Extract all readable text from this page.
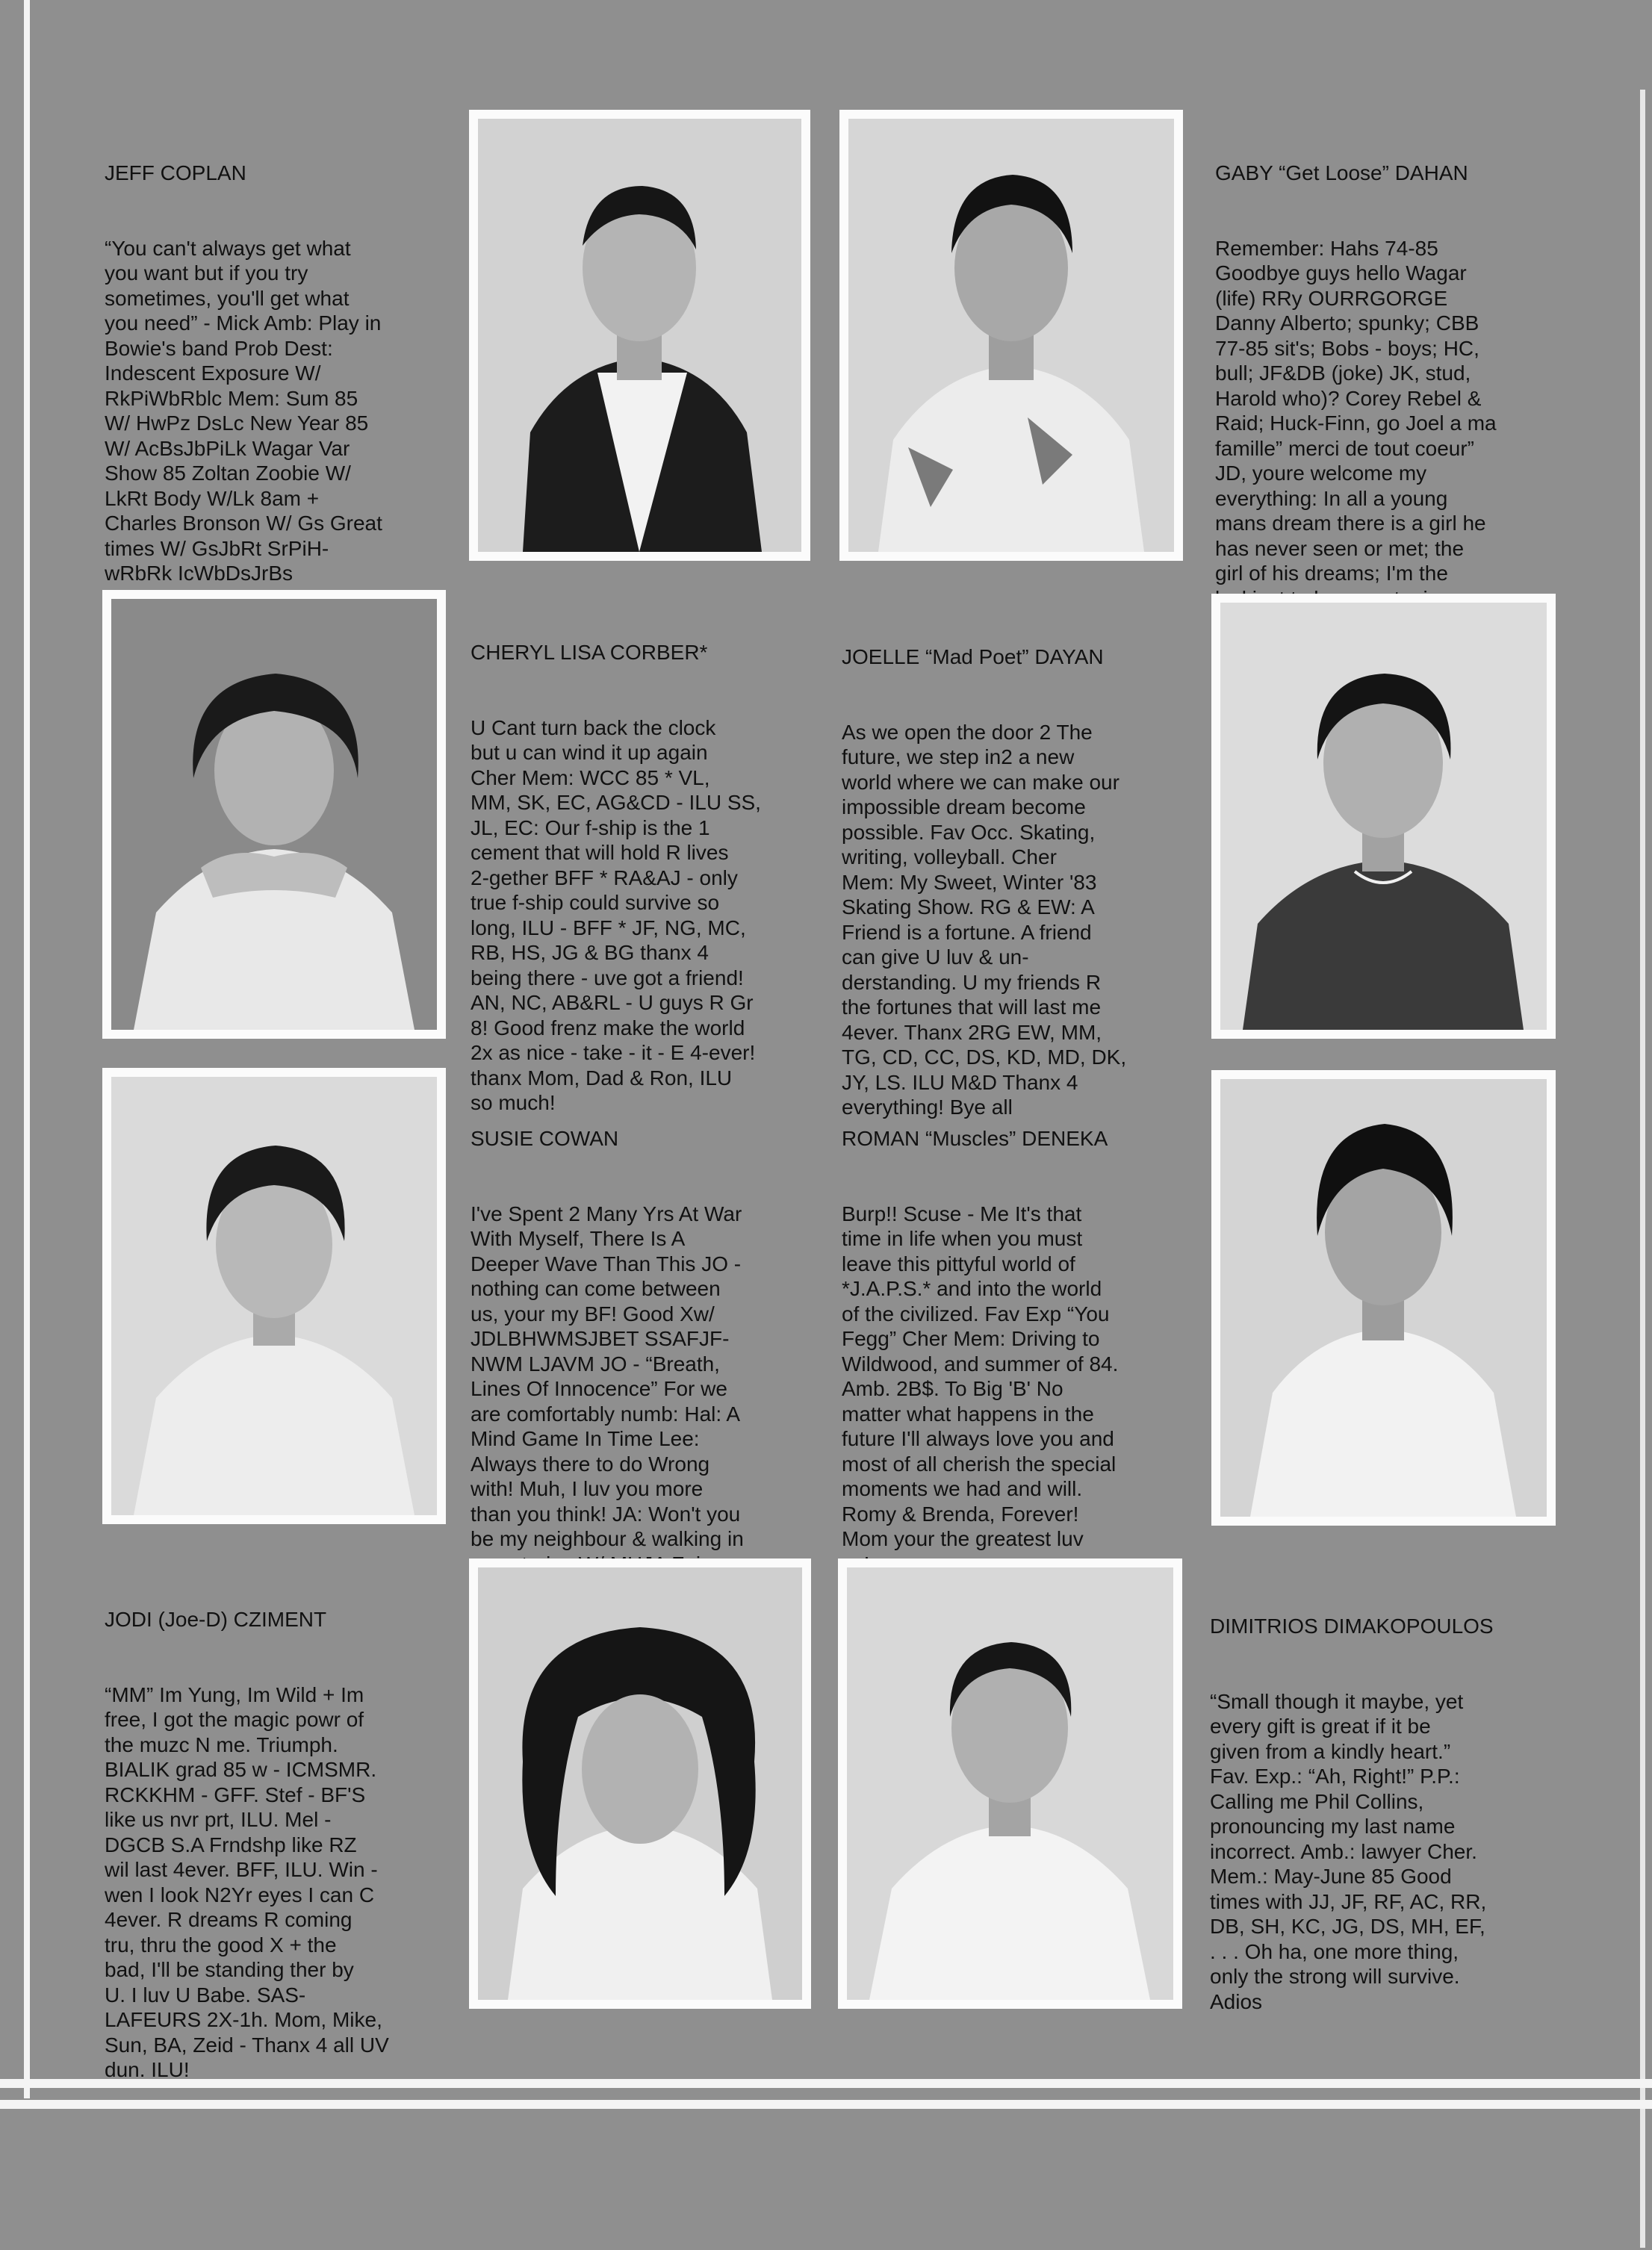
JEFF COPLAN

“You can't always get what
you want but if you try
sometimes, you'll get what
you need” - Mick Amb: Play in
Bowie's band Prob Dest:
Indescent Exposure W/
RkPiWbRblc Mem: Sum 85
W/ HwPz DsLc New Year 85
W/ AcBsJbPiLk Wagar Var
Show 85 Zoltan Zoobie W/
LkRt Body W/Lk 8am +
Charles Bronson W/ Gs Great
times W/ GsJbRt SrPiH-
wRbRk IcWbDsJrBs

GABY “Get Loose” DAHAN

Remember: Hahs 74-85
Goodbye guys hello Wagar
(life) RRy OURRGORGE
Danny Alberto; spunky; CBB
77-85 sit's; Bobs - boys; HC,
bull; JF&DB (joke) JK, stud,
Harold who)? Corey Rebel &
Raid; Huck-Finn, go Joel a ma
famille” merci de tout coeur”
JD, youre welcome my
everything: In all a young
mans dream there is a girl he
has never seen or met; the
girl of his dreams; I'm the

CHERYL LISA CORBER*

U Cant turn back the clock
but u can wind it up again
Cher Mem: WCC 85 * VL,
MM, SK, EC, AG&CD - ILU SS,
JL, EC: Our f-ship is the 1
cement that will hold R lives
2-gether BFF * RA&AJ - only
true f-ship could survive so
long, ILU - BFF * JF, NG, MC,
RB, HS, JG & BG thanx 4
being there - uve got a friend!
AN, NC, AB&RL - U guys R Gr
8! Good frenz make the world
2x as nice - take - it - E 4-ever!
thanx Mom, Dad & Ron, ILU
so much!

JOELLE “Mad Poet” DAYAN

As we open the door 2 The
future, we step in2 a new
world where we can make our
impossible dream become
possible. Fav Occ. Skating,
writing, volleyball. Cher
Mem: My Sweet, Winter '83
Skating Show. RG & EW: A
Friend is a fortune. A friend
can give U luv & un-
derstanding. U my friends R
the fortunes that will last me
4ever. Thanx 2RG EW, MM,
TG, CD, CC, DS, KD, MD, DK,
JY, LS. ILU M&D Thanx 4
everything! Bye all

SUSIE COWAN

I've Spent 2 Many Yrs At War
With Myself, There Is A
Deeper Wave Than This JO -
nothing can come between
us, your my BF! Good Xw/
JDLBHWMSJBET SSAFJF-
NWM LJAVM JO - “Breath,
Lines Of Innocence” For we
are comfortably numb: Hal: A
Mind Game In Time Lee:
Always there to do Wrong
with! Muh, I luv you more
than you think! JA: Won't you
be my neighbour & walking in

ROMAN “Muscles” DENEKA

Burp!! Scuse - Me It's that
time in life when you must
leave this pittyful world of
*J.A.P.S.* and into the world
of the civilized. Fav Exp “You
Fegg” Cher Mem: Driving to
Wildwood, and summer of 84.
Amb. 2B$. To Big 'B' No
matter what happens in the
future I'll always love you and
most of all cherish the special
moments we had and will.
Romy & Brenda, Forever!
Mom your the greatest luv

JODI (Joe-D) CZIMENT

“MM” Im Yung, Im Wild + Im
free, I got the magic powr of
the muzc N me. Triumph.
BIALIK grad 85 w - ICMSMR.
RCKKHM - GFF. Stef - BF'S
like us nvr prt, ILU. Mel -
DGCB S.A Frndshp like RZ
wil last 4ever. BFF, ILU. Win -
wen I look N2Yr eyes I can C
4ever. R dreams R coming
tru, thru the good X + the
bad, I'll be standing ther by
U. I luv U Babe. SAS-
LAFEURS 2X-1h. Mom, Mike,
Sun, BA, Zeid - Thanx 4 all UV
dun. ILU!

DIMITRIOS DIMAKOPOULOS

“Small though it maybe, yet
every gift is great if it be
given from a kindly heart.”
Fav. Exp.: “Ah, Right!” P.P.:
Calling me Phil Collins,
pronouncing my last name
incorrect. Amb.: lawyer Cher.
Mem.: May-June 85 Good
times with JJ, JF, RF, AC, RR,
DB, SH, KC, JG, DS, MH, EF,
. . . Oh ha, one more thing,
only the strong will survive.
Adios
